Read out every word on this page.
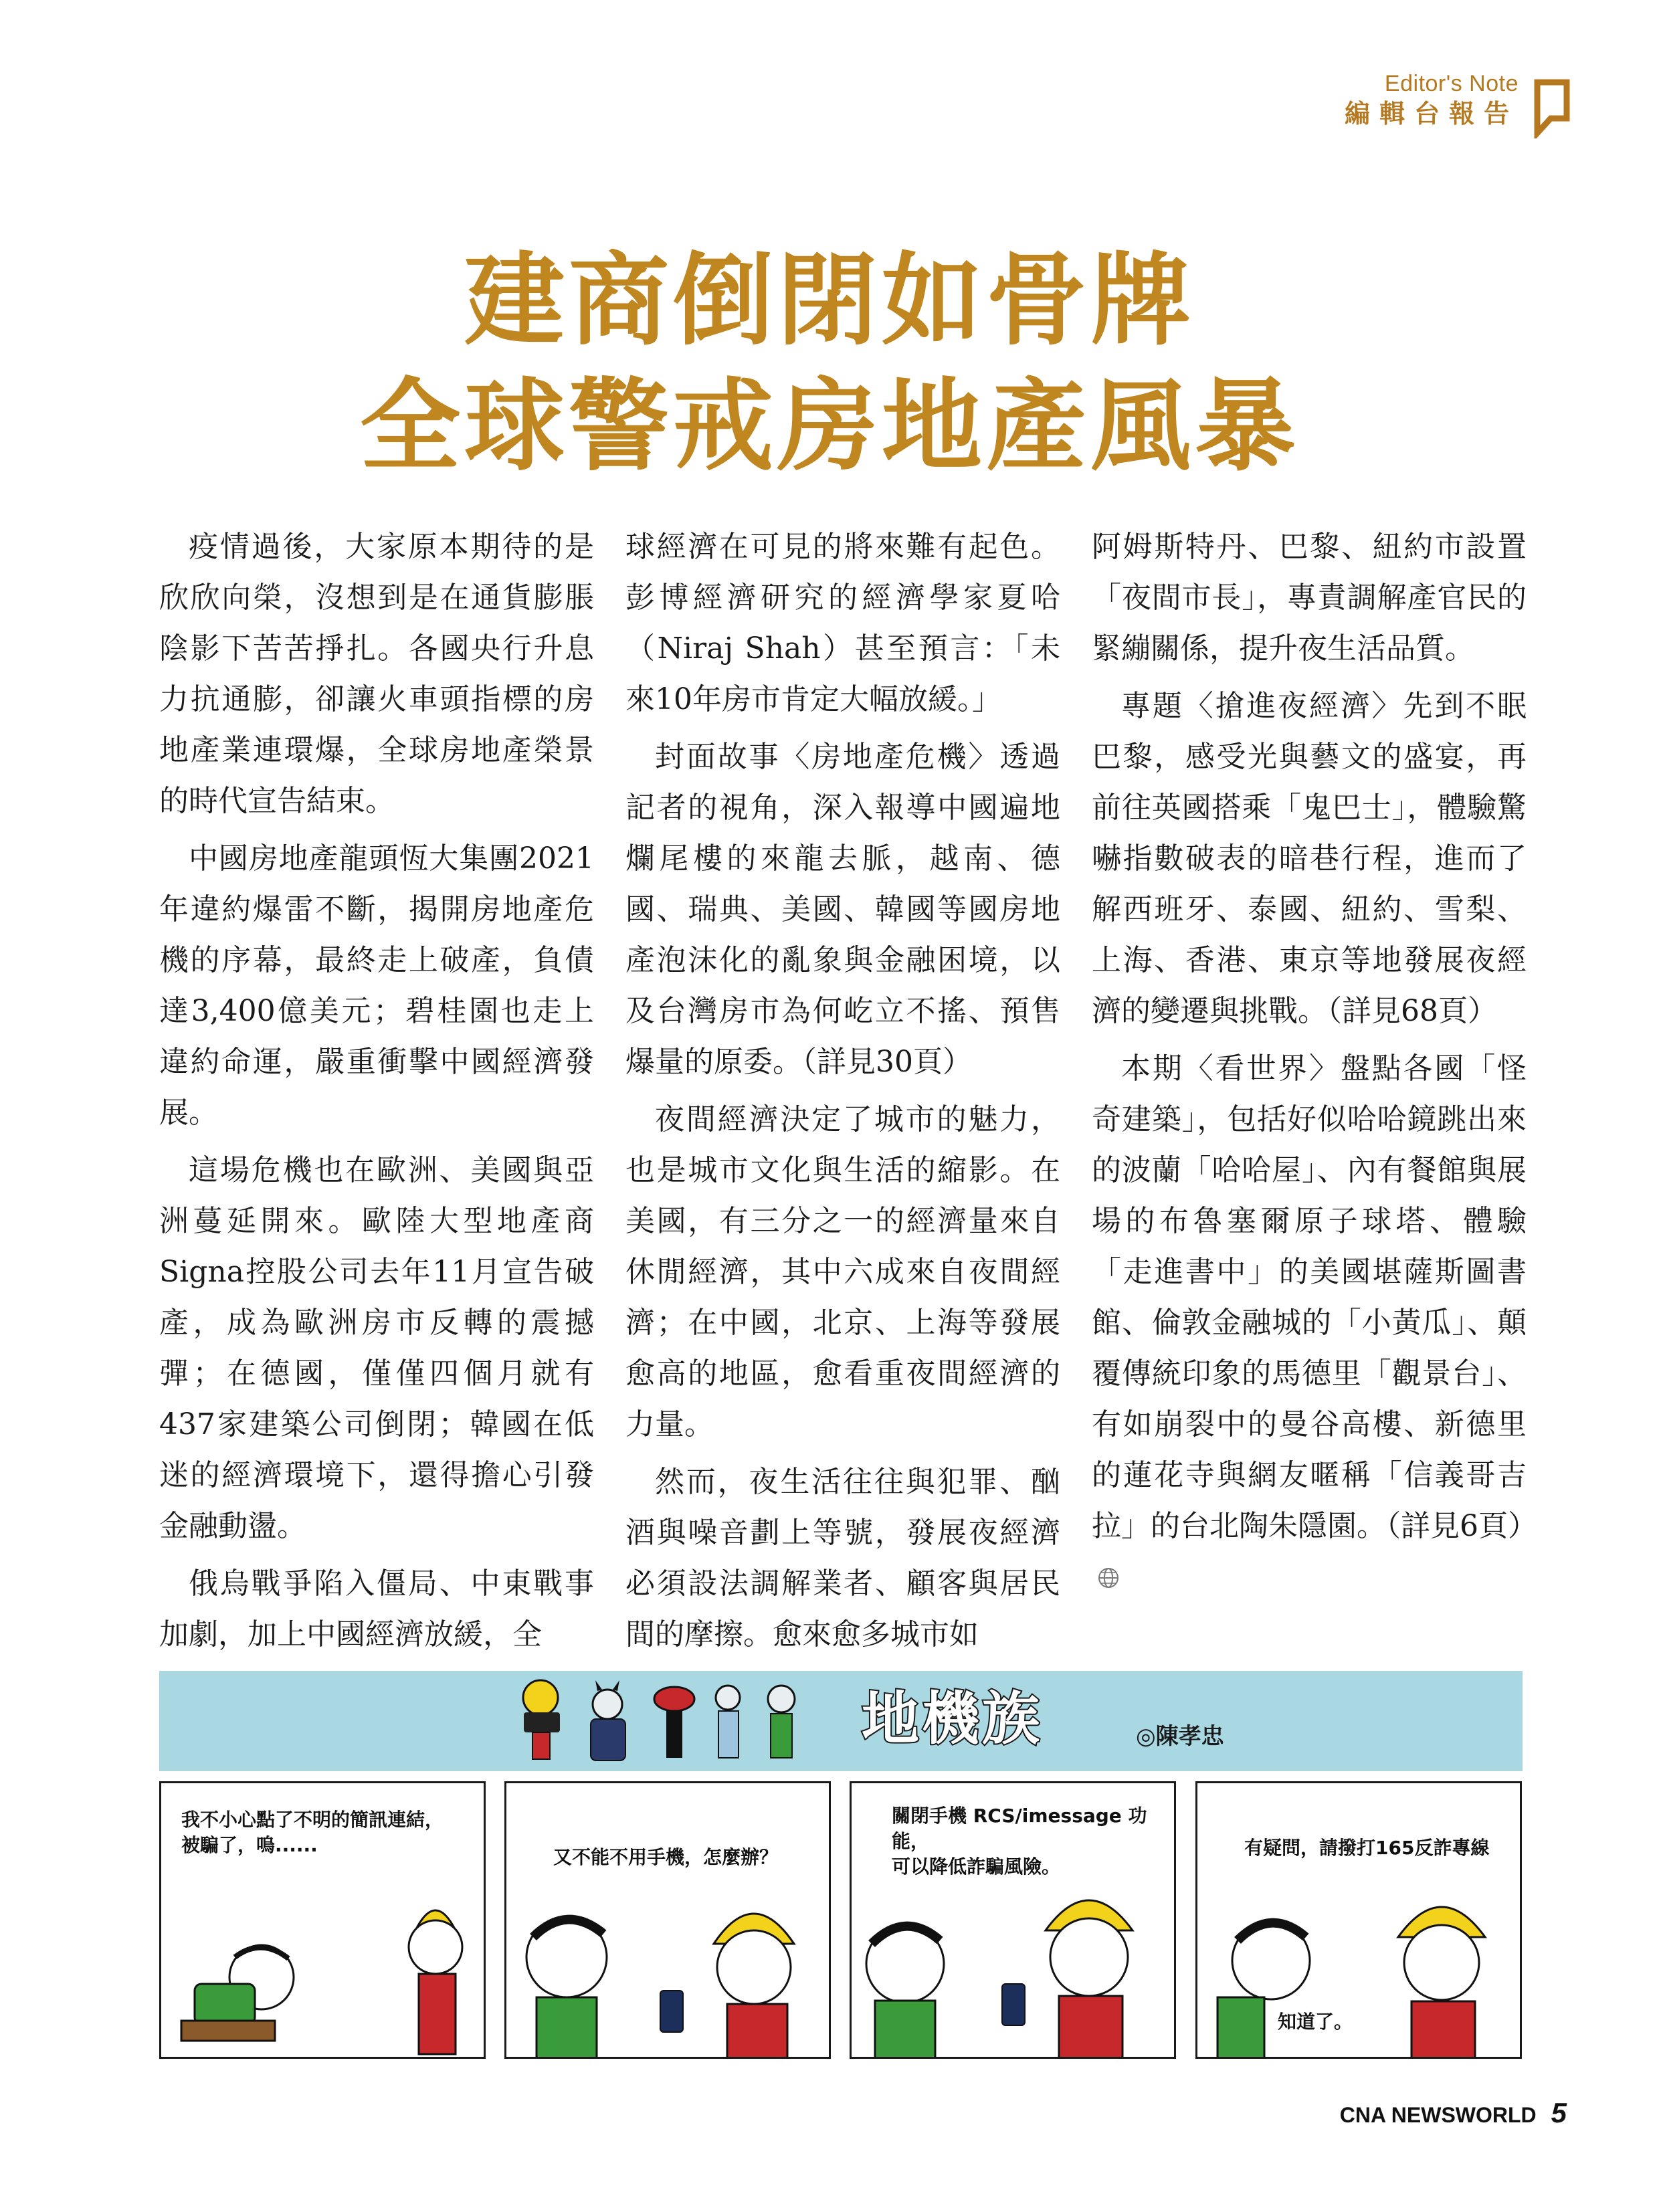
Editor's Note
編輯台報告
建商倒閉如骨牌
全球警戒房地產風暴

疫情過後，大家原本期待的是欣欣向榮，沒想到是在通貨膨脹陰影下苦苦掙扎。各國央行升息力抗通膨，卻讓火車頭指標的房地產業連環爆，全球房地產榮景的時代宣告結束。

中國房地產龍頭恆大集團2021年違約爆雷不斷，揭開房地產危機的序幕，最終走上破產，負債達3,400億美元；碧桂園也走上違約命運，嚴重衝擊中國經濟發展。

這場危機也在歐洲、美國與亞洲蔓延開來。歐陸大型地產商Signa控股公司去年11月宣告破產，成為歐洲房市反轉的震撼彈；在德國，僅僅四個月就有437家建築公司倒閉；韓國在低迷的經濟環境下，還得擔心引發金融動盪。

俄烏戰爭陷入僵局、中東戰事加劇，加上中國經濟放緩，全

球經濟在可見的將來難有起色。彭博經濟研究的經濟學家夏哈（Niraj Shah）甚至預言：「未來10年房市肯定大幅放緩。」

封面故事〈房地產危機〉透過記者的視角，深入報導中國遍地爛尾樓的來龍去脈，越南、德國、瑞典、美國、韓國等國房地產泡沫化的亂象與金融困境，以及台灣房市為何屹立不搖、預售爆量的原委。（詳見30頁）

夜間經濟決定了城市的魅力，也是城市文化與生活的縮影。在美國，有三分之一的經濟量來自休閒經濟，其中六成來自夜間經濟；在中國，北京、上海等發展愈高的地區，愈看重夜間經濟的力量。

然而，夜生活往往與犯罪、酗酒與噪音劃上等號，發展夜經濟必須設法調解業者、顧客與居民間的摩擦。愈來愈多城市如

阿姆斯特丹、巴黎、紐約市設置「夜間市長」，專責調解產官民的緊繃關係，提升夜生活品質。

專題〈搶進夜經濟〉先到不眠巴黎，感受光與藝文的盛宴，再前往英國搭乘「鬼巴士」，體驗驚嚇指數破表的暗巷行程，進而了解西班牙、泰國、紐約、雪梨、上海、香港、東京等地發展夜經濟的變遷與挑戰。（詳見68頁）

本期〈看世界〉盤點各國「怪奇建築」，包括好似哈哈鏡跳出來的波蘭「哈哈屋」、內有餐館與展場的布魯塞爾原子球塔、體驗「走進書中」的美國堪薩斯圖書館、倫敦金融城的「小黃瓜」、顛覆傳統印象的馬德里「觀景台」、有如崩裂中的曼谷高樓、新德里的蓮花寺與網友暱稱「信義哥吉拉」的台北陶朱隱園。（詳見6頁）

地機族	◎陳孝忠
我不小心點了不明的簡訊連結，
被騙了，嗚......
又不能不用手機，怎麼辦？
關閉手機 RCS/imessage 功能，
可以降低詐騙風險。
有疑問，請撥打165反詐專線
知道了。
CNA NEWSWORLD 5
